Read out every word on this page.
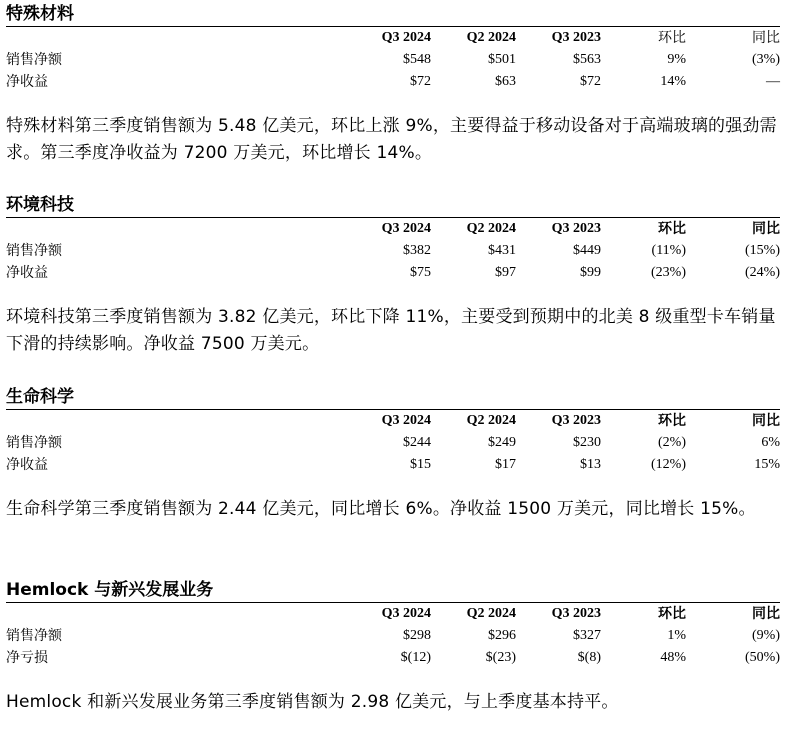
特殊材料
	Q3 2024	Q2 2024	Q3 2023	环比	同比
销售净额	$548	$501	$563	9%	(3%)
净收益	$72	$63	$72	14%	—

特殊材料第三季度销售额为 5.48 亿美元，环比上涨 9%，主要得益于移动设备对于高端玻璃的强劲需求。第三季度净收益为 7200 万美元，环比增长 14%。

环境科技
	Q3 2024	Q2 2024	Q3 2023	环比	同比
销售净额	$382	$431	$449	(11%)	(15%)
净收益	$75	$97	$99	(23%)	(24%)

环境科技第三季度销售额为 3.82 亿美元，环比下降 11%，主要受到预期中的北美 8 级重型卡车销量下滑的持续影响。净收益 7500 万美元。

生命科学
	Q3 2024	Q2 2024	Q3 2023	环比	同比
销售净额	$244	$249	$230	(2%)	6%
净收益	$15	$17	$13	(12%)	15%

生命科学第三季度销售额为 2.44 亿美元，同比增长 6%。净收益 1500 万美元，同比增长 15%。

Hemlock 与新兴发展业务
	Q3 2024	Q2 2024	Q3 2023	环比	同比
销售净额	$298	$296	$327	1%	(9%)
净亏损	$(12)	$(23)	$(8)	48%	(50%)

Hemlock 和新兴发展业务第三季度销售额为 2.98 亿美元，与上季度基本持平。
